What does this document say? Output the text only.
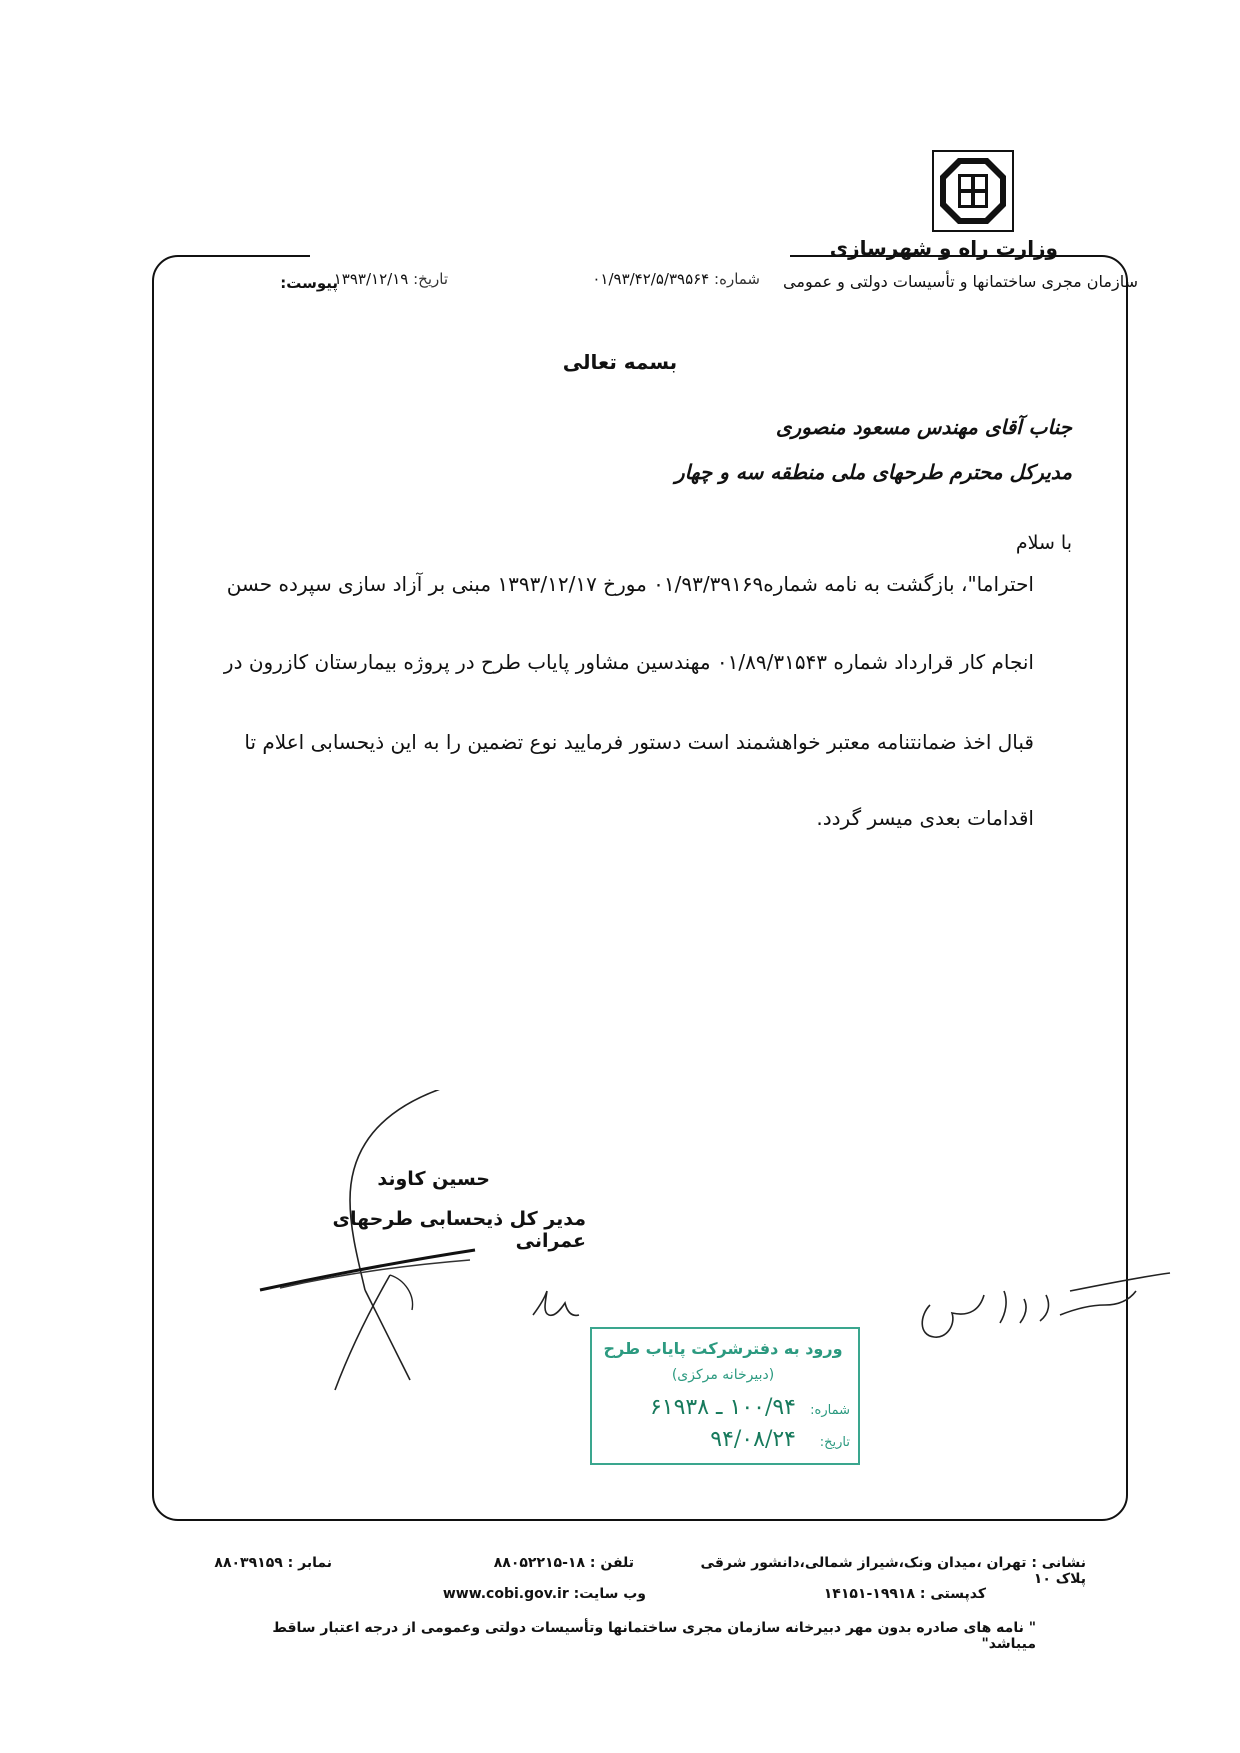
وزارت راه و شهرسازی
سازمان مجری ساختمانها و تأسیسات دولتی و عمومی
شماره: ۰۱/۹۳/۴۲/۵/۳۹۵۶۴
تاریخ: ۱۳۹۳/۱۲/۱۹
پیوست:
بسمه تعالی
جناب آقای مهندس مسعود منصوری
مدیرکل محترم طرحهای ملی منطقه سه و چهار
با سلام
احتراما"، بازگشت به نامه شماره۰۱/۹۳/۳۹۱۶۹ مورخ ۱۳۹۳/۱۲/۱۷ مبنی بر آزاد سازی سپرده حسن
انجام کار قرارداد شماره ۰۱/۸۹/۳۱۵۴۳ مهندسین مشاور پایاب طرح در پروژه بیمارستان کازرون در
قبال اخذ ضمانتنامه معتبر خواهشمند است دستور فرمایید نوع تضمین را به این ذیحسابی اعلام تا
اقدامات بعدی میسر گردد.
حسین کاوند
مدیر کل ذیحسابی طرحهای عمرانی
ورود به دفترشرکت پایاب طرح
(دبیرخانه مرکزی)
شماره:
۱۰۰/۹۴ ـ ۶۱۹۳۸
تاریخ:
۹۴/۰۸/۲۴
نشانی : تهران ،میدان ونک،شیراز شمالی،دانشور شرقی پلاک ۱۰
تلفن : ۱۸-۸۸۰۵۲۲۱۵
نمابر : ۸۸۰۳۹۱۵۹
کدپستی : ۱۹۹۱۸-۱۴۱۵۱
وب سایت: www.cobi.gov.ir
" نامه های صادره بدون مهر دبیرخانه سازمان مجری ساختمانها وتأسیسات دولتی وعمومی از درجه اعتبار ساقط میباشد"
